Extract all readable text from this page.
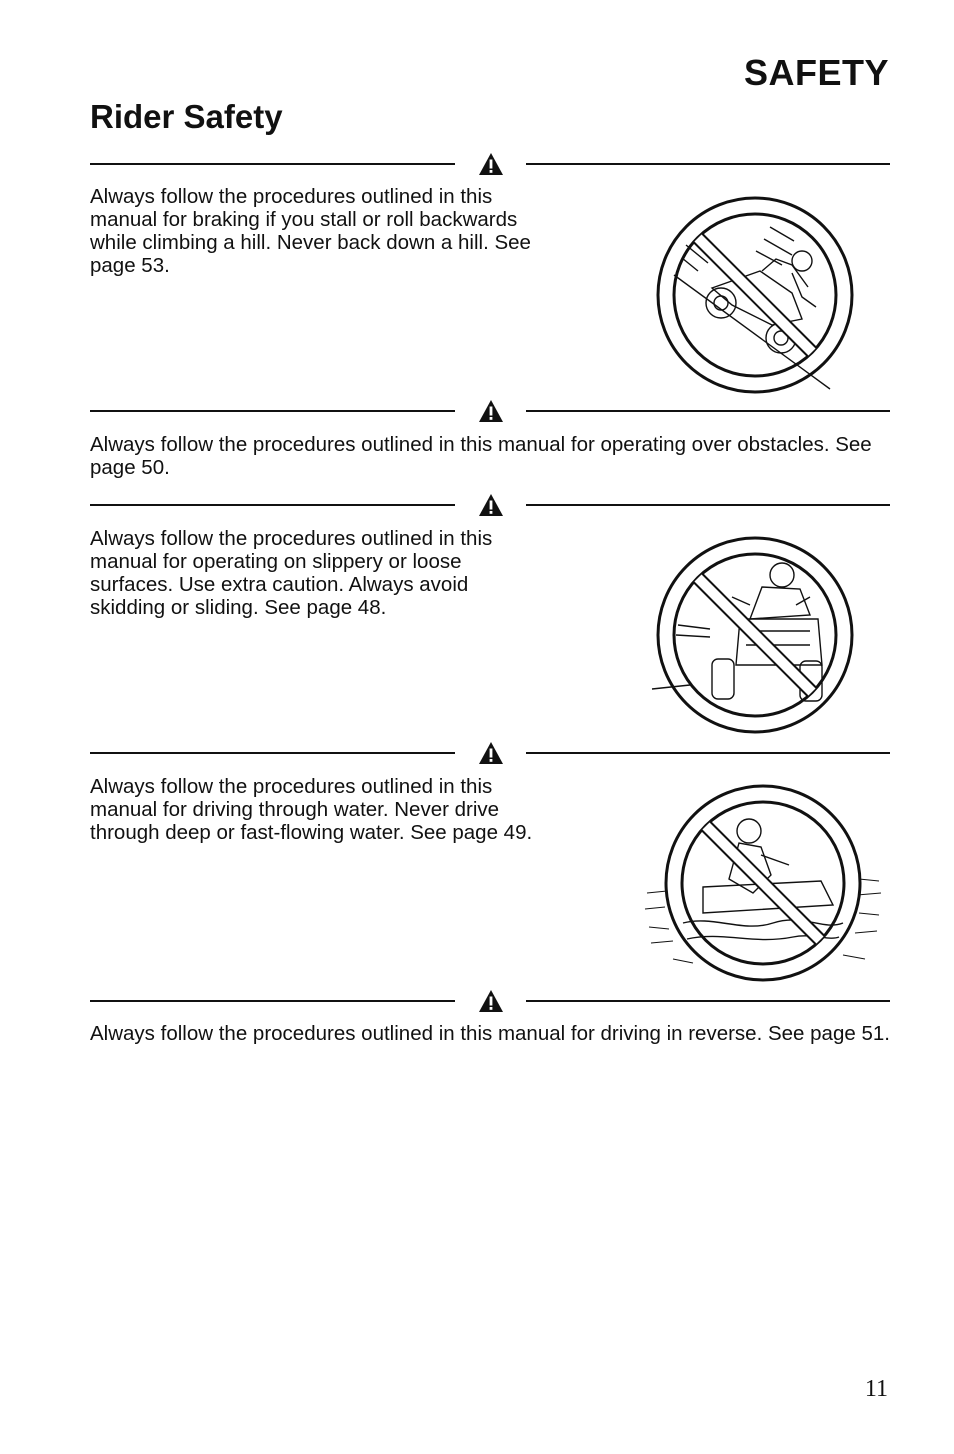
SAFETY
Rider Safety

Always follow the procedures outlined in this manual for braking if you stall or roll backwards while climbing a hill. Never back down a hill. See page 53.

Always follow the procedures outlined in this manual for operating over obstacles. See page 50.

Always follow the procedures outlined in this manual for operating on slippery or loose surfaces. Use extra caution. Always avoid skidding or sliding. See page 48.

Always follow the procedures outlined in this manual for driving through water. Never drive through deep or fast-flowing water. See page 49.

Always follow the procedures outlined in this manual for driving in reverse. See page 51.

11
